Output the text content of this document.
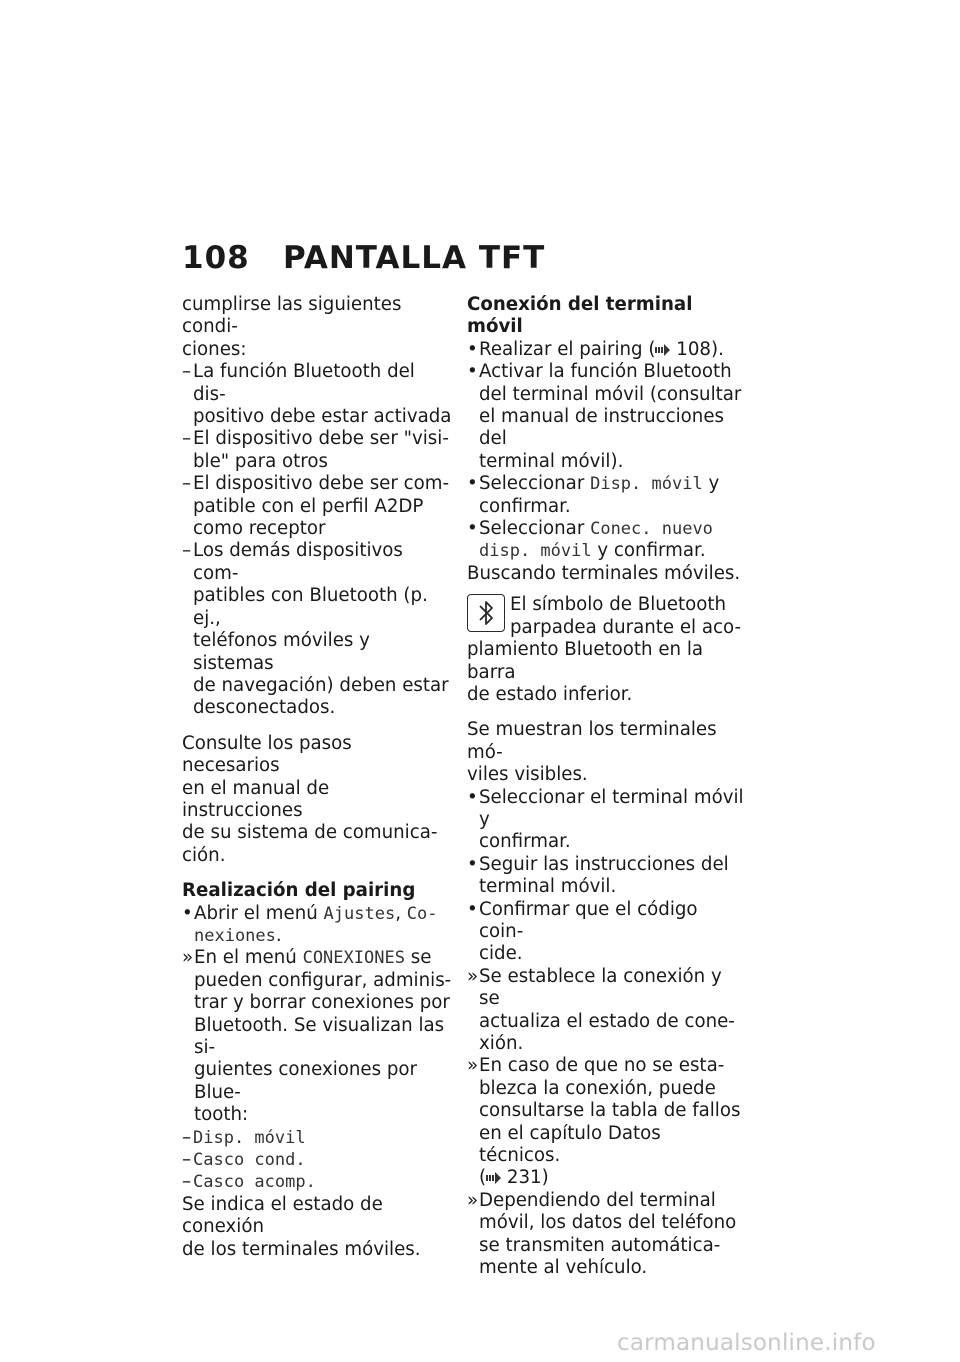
108 PANTALLA TFT

cumplirse las siguientes condi-

ciones:

– La función Bluetooth del dis-
positivo debe estar activada
– El dispositivo debe ser "visi-
ble" para otros
– El dispositivo debe ser com-
patible con el perfil A2DP
como receptor
– Los demás dispositivos com-
patibles con Bluetooth (p. ej.,
teléfonos móviles y sistemas
de navegación) deben estar
desconectados.

Consulte los pasos necesarios

en el manual de instrucciones

de su sistema de comunica-

ción.

Realización del pairing

• Abrir el menú Ajustes, Co-
nexiones.
» En el menú CONEXIONES se
pueden configurar, adminis-
trar y borrar conexiones por
Bluetooth. Se visualizan las si-
guientes conexiones por Blue-
tooth:
– Disp. móvil
– Casco cond.
– Casco acomp.

Se indica el estado de conexión

de los terminales móviles.

Conexión del terminal móvil

• Realizar el pairing ( 108).
• Activar la función Bluetooth
del terminal móvil (consultar
el manual de instrucciones del
terminal móvil).
• Seleccionar Disp. móvil y
confirmar.
• Seleccionar Conec. nuevo
disp. móvil y confirmar.

Buscando terminales móviles.

El símbolo de Bluetooth

parpadea durante el aco-

plamiento Bluetooth en la barra

de estado inferior.

Se muestran los terminales mó-

viles visibles.

• Seleccionar el terminal móvil y
confirmar.
• Seguir las instrucciones del
terminal móvil.
• Confirmar que el código coin-
cide.
» Se establece la conexión y se
actualiza el estado de cone-
xión.
» En caso de que no se esta-
blezca la conexión, puede
consultarse la tabla de fallos
en el capítulo Datos técnicos.
( 231)
» Dependiendo del terminal
móvil, los datos del teléfono
se transmiten automática-
mente al vehículo.
carmanualsonline.info
